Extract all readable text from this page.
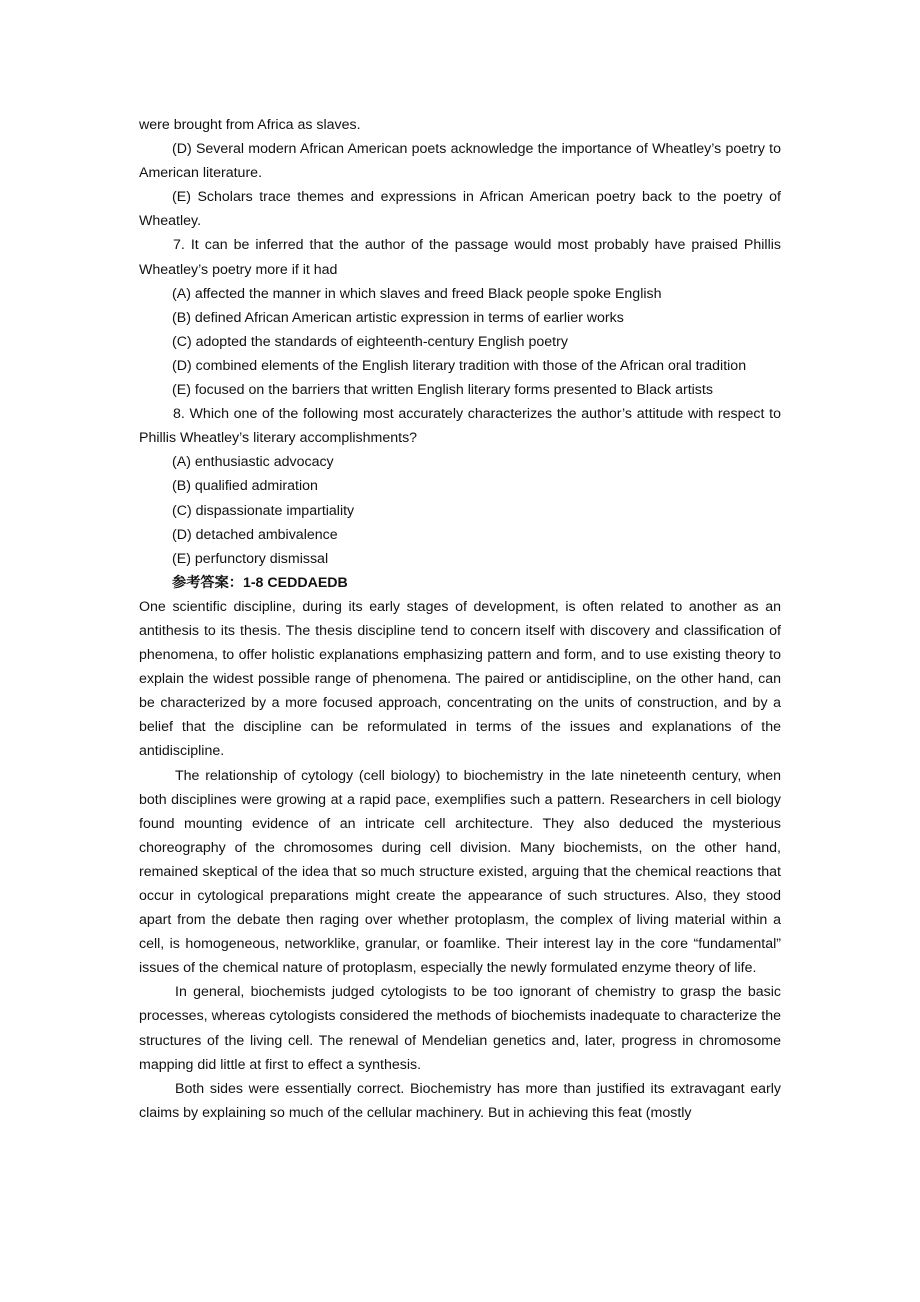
were brought from Africa as slaves.

(D) Several modern African American poets acknowledge the importance of Wheatley’s poetry to American literature.

(E) Scholars trace themes and expressions in African American poetry back to the poetry of Wheatley.

7. It can be inferred that the author of the passage would most probably have praised Phillis Wheatley’s poetry more if it had

(A) affected the manner in which slaves and freed Black people spoke English

(B) defined African American artistic expression in terms of earlier works

(C) adopted the standards of eighteenth-century English poetry

(D) combined elements of the English literary tradition with those of the African oral tradition

(E) focused on the barriers that written English literary forms presented to Black artists

8. Which one of the following most accurately characterizes the author’s attitude with respect to Phillis Wheatley’s literary accomplishments?

(A) enthusiastic advocacy

(B) qualified admiration

(C) dispassionate impartiality

(D) detached ambivalence

(E) perfunctory dismissal

参考答案：1-8 CEDDAEDB

One scientific discipline, during its early stages of development, is often related to another as an antithesis to its thesis. The thesis discipline tend to concern itself with discovery and classification of phenomena, to offer holistic explanations emphasizing pattern and form, and to use existing theory to explain the widest possible range of phenomena. The paired or antidiscipline, on the other hand, can be characterized by a more focused approach, concentrating on the units of construction, and by a belief that the discipline can be reformulated in terms of the issues and explanations of the antidiscipline.

The relationship of cytology (cell biology) to biochemistry in the late nineteenth century, when both disciplines were growing at a rapid pace, exemplifies such a pattern. Researchers in cell biology found mounting evidence of an intricate cell architecture. They also deduced the mysterious choreography of the chromosomes during cell division. Many biochemists, on the other hand, remained skeptical of the idea that so much structure existed, arguing that the chemical reactions that occur in cytological preparations might create the appearance of such structures. Also, they stood apart from the debate then raging over whether protoplasm, the complex of living material within a cell, is homogeneous, networklike, granular, or foamlike. Their interest lay in the core “fundamental” issues of the chemical nature of protoplasm, especially the newly formulated enzyme theory of life.

In general, biochemists judged cytologists to be too ignorant of chemistry to grasp the basic processes, whereas cytologists considered the methods of biochemists inadequate to characterize the structures of the living cell. The renewal of Mendelian genetics and, later, progress in chromosome mapping did little at first to effect a synthesis.

Both sides were essentially correct. Biochemistry has more than justified its extravagant early claims by explaining so much of the cellular machinery. But in achieving this feat (mostly
